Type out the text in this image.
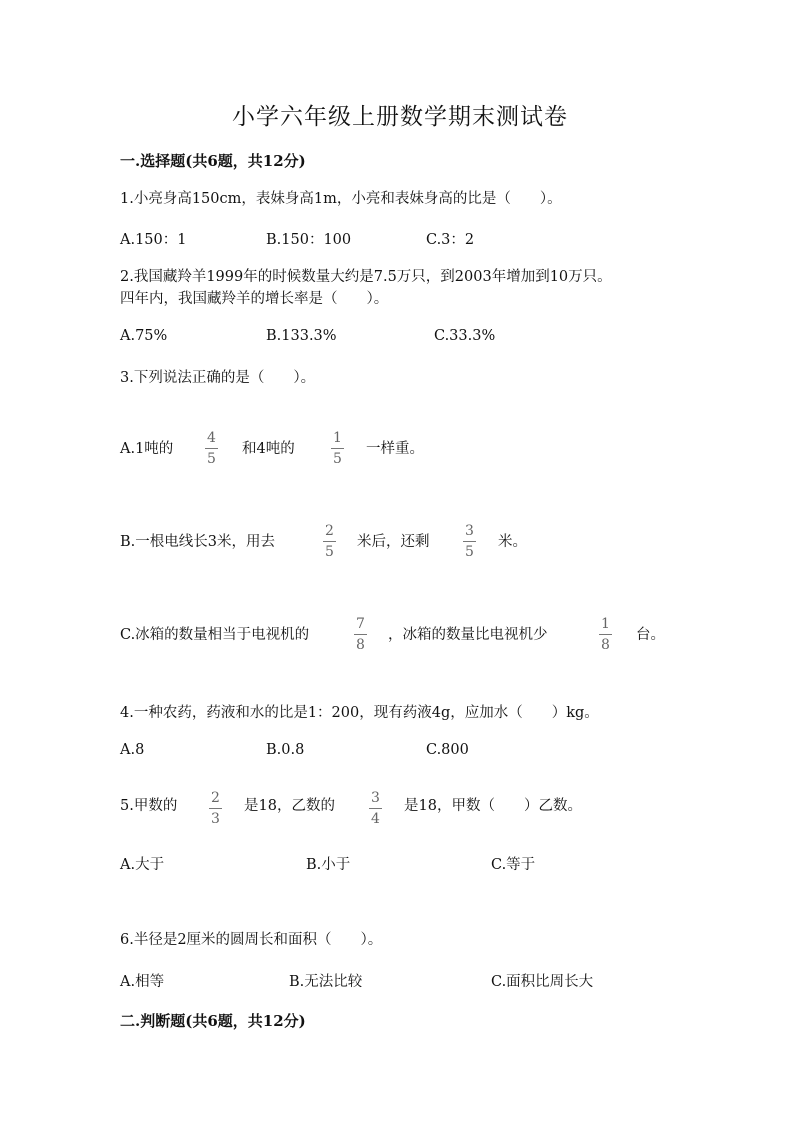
小学六年级上册数学期末测试卷
一.选择题(共6题，共12分)
1.小亮身高150cm，表妹身高1m，小亮和表妹身高的比是（　　）。
A.150：1	B.150：100	C.3：2
2.我国藏羚羊1999年的时候数量大约是7.5万只，到2003年增加到10万只。
四年内，我国藏羚羊的增长率是（　　）。
A.75%	B.133.3%	C.33.3%
3.下列说法正确的是（　　）。
A.1吨的
4
5
和4吨的
1
5
一样重。
B.一根电线长3米，用去
2
5
米后，还剩
3
5
米。
C.冰箱的数量相当于电视机的
7
8
，冰箱的数量比电视机少
1
8
台。
4.一种农药，药液和水的比是1：200，现有药液4g，应加水（　　）kg。
A.8	B.0.8	C.800
5.甲数的 2
3
是18，乙数的	3
4
是18，甲数（　　）乙数。
A.大于	B.小于	C.等于
6.半径是2厘米的圆周长和面积（　　）。
A.相等	B.无法比较	C.面积比周长大
二.判断题(共6题，共12分)
